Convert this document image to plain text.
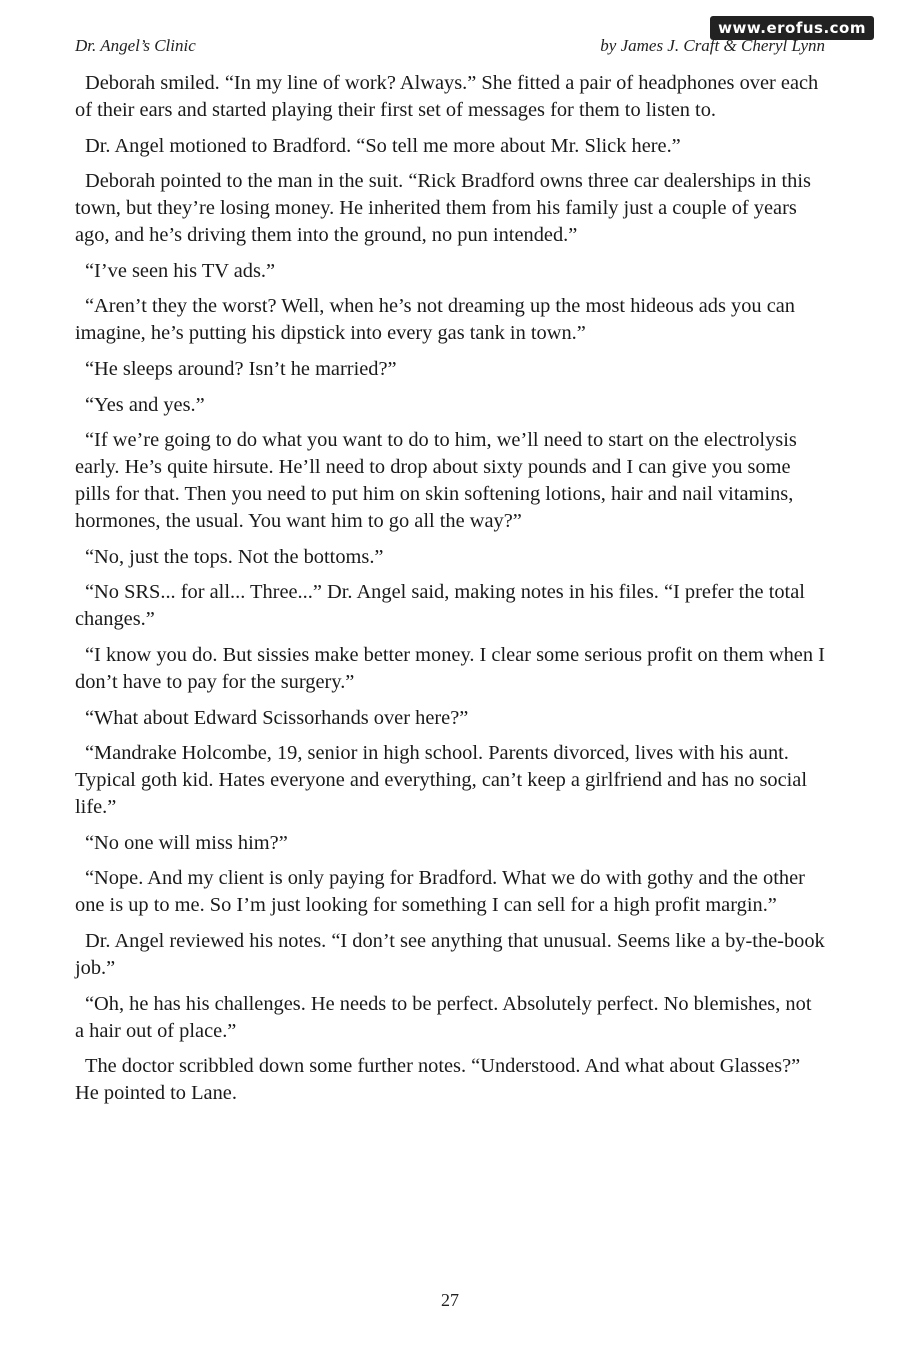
www.erofus.com
Dr. Angel’s Clinic	by James J. Craft & Cheryl Lynn

Deborah smiled. “In my line of work? Always.” She fitted a pair of headphones over each of their ears and started playing their first set of messages for them to listen to.

Dr. Angel motioned to Bradford. “So tell me more about Mr. Slick here.”

Deborah pointed to the man in the suit. “Rick Bradford owns three car dealerships in this town, but they’re losing money. He inherited them from his family just a couple of years ago, and he’s driving them into the ground, no pun intended.”

“I’ve seen his TV ads.”

“Aren’t they the worst? Well, when he’s not dreaming up the most hideous ads you can imagine, he’s putting his dipstick into every gas tank in town.”

“He sleeps around? Isn’t he married?”

“Yes and yes.”

“If we’re going to do what you want to do to him, we’ll need to start on the electrolysis early. He’s quite hirsute. He’ll need to drop about sixty pounds and I can give you some pills for that. Then you need to put him on skin softening lotions, hair and nail vitamins, hormones, the usual. You want him to go all the way?”

“No, just the tops. Not the bottoms.”

“No SRS... for all... Three...” Dr. Angel said, making notes in his files. “I prefer the total changes.”

“I know you do. But sissies make better money. I clear some serious profit on them when I don’t have to pay for the surgery.”

“What about Edward Scissorhands over here?”

“Mandrake Holcombe, 19, senior in high school. Parents divorced, lives with his aunt. Typical goth kid. Hates everyone and everything, can’t keep a girlfriend and has no social life.”

“No one will miss him?”

“Nope. And my client is only paying for Bradford. What we do with gothy and the other one is up to me. So I’m just looking for something I can sell for a high profit margin.”

Dr. Angel reviewed his notes. “I don’t see anything that unusual. Seems like a by-the-book job.”

“Oh, he has his challenges. He needs to be perfect. Absolutely perfect. No blemishes, not a hair out of place.”

The doctor scribbled down some further notes. “Understood. And what about Glasses?” He pointed to Lane.

27
